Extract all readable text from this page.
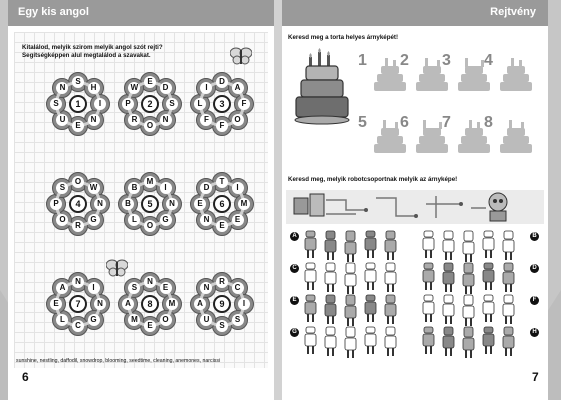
Egy kis angol
Kitalálod, melyik szirom melyik angol szót rejti?
Segítségképpen alul megtalálod a szavakat.
S
H
I
N
E
U
S
N
1
E
D
S
N
O
R
P
W
2
D
A
F
O
F
F
L
I
3
O
W
N
G
R
O
P
S
4
M
I
N
G
O
L
B
B
5
T
I
M
E
E
N
E
D
6
N
I
N
G
C
L
E
A
7
N
E
M
O
E
M
A
S
8
R
C
I
S
S
U
A
N
9
sunshine, nestling, daffodil, snowdrop, blooming, seedtime, cleaning, anemones, narcissi
6
Rejtvény
Keresd meg a torta helyes árnyképét!
1 2 3 4
5 6 7 8
Keresd meg, melyik robotcsoportnak melyik az árnyképe!
A	B
C	D
E	F
G	H
7
